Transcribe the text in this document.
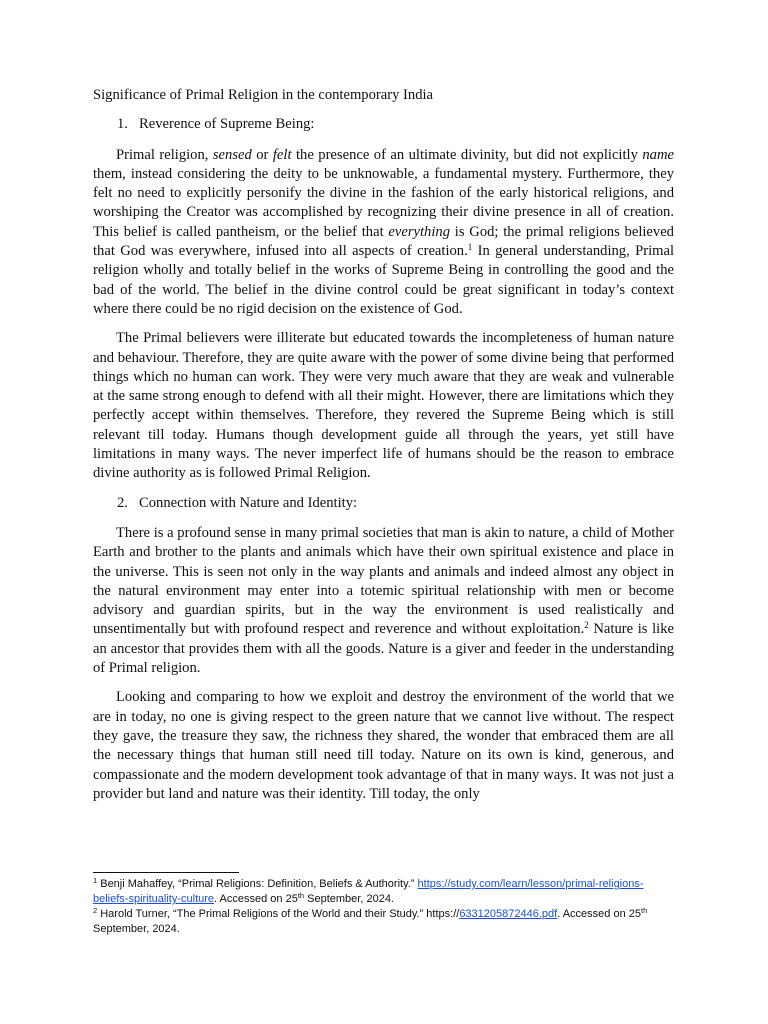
Significance of Primal Religion in the contemporary India

1. Reverence of Supreme Being:

Primal religion, sensed or felt the presence of an ultimate divinity, but did not explicitly name them, instead considering the deity to be unknowable, a fundamental mystery. Furthermore, they felt no need to explicitly personify the divine in the fashion of the early historical religions, and worshiping the Creator was accomplished by recognizing their divine presence in all of creation. This belief is called pantheism, or the belief that everything is God; the primal religions believed that God was everywhere, infused into all aspects of creation.$^1$ In general understanding, Primal religion wholly and totally belief in the works of Supreme Being in controlling the good and the bad of the world. The belief in the divine control could be great significant in today’s context where there could be no rigid decision on the existence of God.

The Primal believers were illiterate but educated towards the incompleteness of human nature and behaviour. Therefore, they are quite aware with the power of some divine being that performed things which no human can work. They were very much aware that they are weak and vulnerable at the same strong enough to defend with all their might. However, there are limitations which they perfectly accept within themselves. Therefore, they revered the Supreme Being which is still relevant till today. Humans though development guide all through the years, yet still have limitations in many ways. The never imperfect life of humans should be the reason to embrace divine authority as is followed Primal Religion.

2. Connection with Nature and Identity:

There is a profound sense in many primal societies that man is akin to nature, a child of Mother Earth and brother to the plants and animals which have their own spiritual existence and place in the universe. This is seen not only in the way plants and animals and indeed almost any object in the natural environment may enter into a totemic spiritual relationship with men or become advisory and guardian spirits, but in the way the environment is used realistically and unsentimentally but with profound respect and reverence and without exploitation.$^2$ Nature is like an ancestor that provides them with all the goods. Nature is a giver and feeder in the understanding of Primal religion.

Looking and comparing to how we exploit and destroy the environment of the world that we are in today, no one is giving respect to the green nature that we cannot live without. The respect they gave, the treasure they saw, the richness they shared, the wonder that embraced them are all the necessary things that human still need till today. Nature on its own is kind, generous, and compassionate and the modern development took advantage of that in many ways. It was not just a provider but land and nature was their identity. Till today, the only

$^1$ Benji Mahaffey, “Primal Religions: Definition, Beliefs & Authority.” https://study.com/learn/lesson/primal-religions-beliefs-spirituality-culture. Accessed on 25th September, 2024.

$^2$ Harold Turner, “The Primal Religions of the World and their Study.” https://6331205872446.pdf. Accessed on 25th September, 2024.
